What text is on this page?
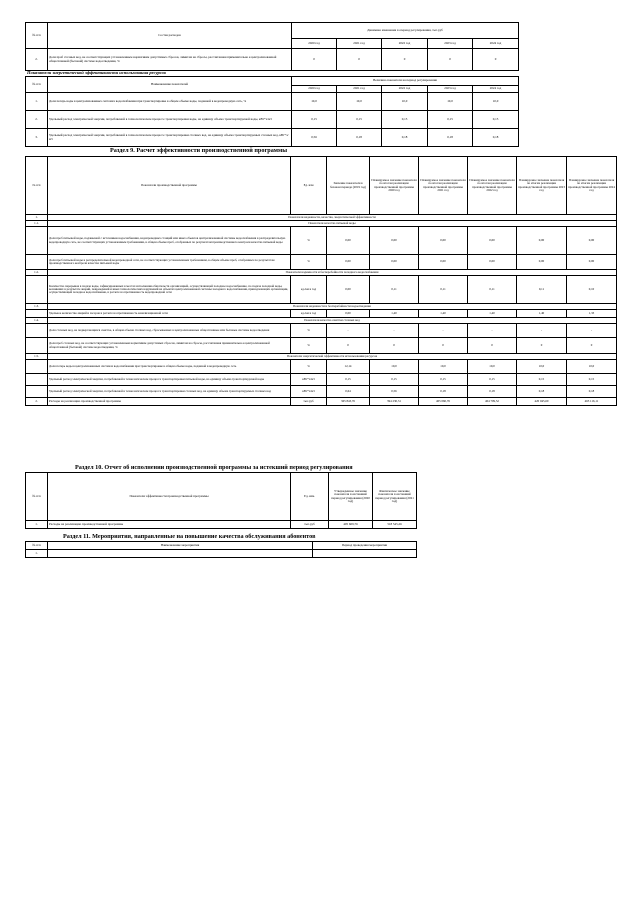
№ п/п	Состав расходов	Динамика изменения за период регулирования, тыс.руб				
		2020 год	2021 год	2022 год	2023 год	2024 год
2.	Доля проб сточных вод, не соответствующих установленным нормативам допустимых сбросов, лимитам на сбросы, рассчитанная применительно к централизованной общесплавной (бытовой) системе водоотведения, %	0	0	0	0	0
Показатели энергетической эффективности использования ресурсов
№ п/п	Наименование показателей	Величина показателя на период регулирования				
		2020 год	2021 год	2022 год	2023 год	2024 год
1.	Доля потерь воды в централизованных системах водоснабжения при транспортировке в общем объеме воды, поданной в водопроводную сеть, %	10,0	10,0	10,0	10,0	10,0
2.	Удельный расход электрической энергии, потребляемой в технологическом процессе транспортировки воды, на единицу объема транспортируемой воды, кВт*ч/м3	0,15	0,15	0,15	0,15	0,15
3.	Удельный расход электрической энергии, потребляемой в технологическом процессе транспортировки сточных вод, на единицу объема транспортируемых сточных вод, кВт*ч/м3	0,56	0,18	0,18	0,18	0,18
Раздел 9. Расчет эффективности производственной программы
№ п/п	Показатели производственной программы	Ед. изм	Значение показателя в базовом периоде (2019 год)	Планируемое значение показателя по итогам реализации производственной программы 2020 год	Планируемое значение показателя по итогам реализации производственной программы 2021 год	Планируемое значение показателя по итогам реализации производственной программы 2022 год	Планируемое значение показателя по итогам реализации производственной программы 2023 год	Планируемое значение показателя по итогам реализации производственной программы 2024 год
1.	Показатели надежности, качества, энергетической эффективности							
1.1.	Показатели качества питьевой воды							
	Доля проб питьевой воды, подаваемой с источников водоснабжения, водопроводных станций или иных объектов централизованной системы водоснабжения в распределительную водопроводную сеть, не соответствующих установленным требованиям, в общем объеме проб, отобранных по результатам производственного контроля качества питьевой воды	%	0,00	0,00	0,00	0,00	0,00	0,00
	Доля проб питьевой воды в распределительной водопроводной сети, не соответствующих установленным требованиям, в общем объеме проб, отобранных по результатам производственного контроля качества питьевой воды	%	0,00	0,00	0,00	0,00	0,00	0,00
1.2.	Показатели надежности и бесперебойности холодного водоснабжения							
	Количество перерывов в подаче воды, зафиксированных в местах исполнения обязательств организацией, осуществляющей холодное водоснабжение, по подаче холодной воды, возникших в результате аварий, повреждений и иных технологических нарушений на объектах централизованной системы холодного водоснабжения, принадлежащих организации, осуществляющей холодное водоснабжение, в расчете на протяженность водопроводной сети	ед./км в год	0,00	0,11	0,11	0,11	0,11	0,10
1.3.	Показатели надежности и бесперебойности водоотведения							
	Удельное количество аварий и засоров в расчете на протяженность канализационной сети	ед./км в год	0,00	1,40	1,40	1,40	1,40	1,33
1.4.	Показатели качества очистки сточных вод							
	Доля сточных вод, не подвергающихся очистке, в общем объеме сточных вод, сбрасываемых в централизованные общесплавные или бытовые системы водоотведения	%	-	-	-	-	-	-
	Доля проб сточных вод, не соответствующих установленным нормативам допустимых сбросов, лимитам на сбросы, рассчитанная применительно к централизованной общесплавной (бытовой) системе водоотведения, %	%	0	0	0	0	0	0
1.5.	Показатели энергетической эффективности использования ресурсов							
	Доля потерь воды в централизованных системах водоснабжения при транспортировке в общем объеме воды, поданной в водопроводную сеть	%	12,14	10,0	10,0	10,0	10,0	10,0
	Удельный расход электрической энергии, потребляемой в технологическом процессе транспортировки питьевой воды, на единицу объема транспортируемой воды	кВт*ч/м3	0,15	0,15	0,15	0,15	0,15	0,15
	Удельный расход электрической энергии, потребляемой в технологическом процессе транспортировки сточных вод, на единицу объема транспортируемых сточных вод	кВт*ч/м3	0,64	0,56	0,18	0,18	0,18	0,18
2.	Расходы на реализацию производственной программы	тыс.руб	365 843,76	394 230,31	405 060,76	404 709,52	420 045,60	463 116,11
Раздел 10. Отчет об исполнении производственной программы за истекший период регулирования
№ п/п	Показатели эффективности производственной программы	Ед. изм.	Утвержденное значение показателя за истекший период регулирования (2020 год)	Фактическое значение показателя за истекший период регулирования (2021 год)
1.	Расходы на реализацию производственной программы	тыс.руб	405 609,76	518 545,26
Раздел 11. Мероприятия, направленные на повышение качества обслуживания абонентов
№ п/п	Наименование мероприятия	Период проведения мероприятия
1.		
